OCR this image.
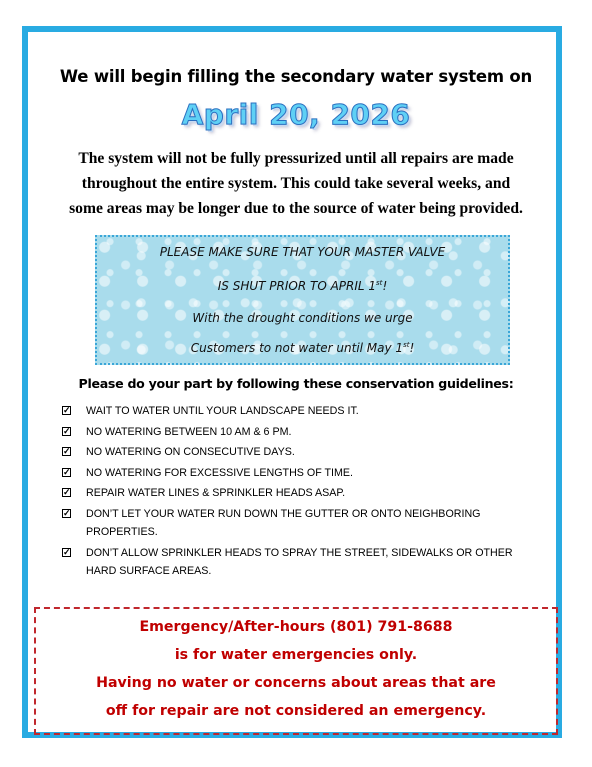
We will begin filling the secondary water system on
April 20, 2026

The system will not be fully pressurized until all repairs are made

throughout the entire system. This could take several weeks, and

some areas may be longer due to the source of water being provided.

PLEASE MAKE SURE THAT YOUR MASTER VALVE
IS SHUT PRIOR TO APRIL 1st!
With the drought conditions we urge
Customers to not water until May 1st!
Please do your part by following these conservation guidelines:
✓ WAIT TO WATER UNTIL YOUR LANDSCAPE NEEDS IT.
✓ NO WATERING BETWEEN 10 AM & 6 PM.
✓ NO WATERING ON CONSECUTIVE DAYS.
✓ NO WATERING FOR EXCESSIVE LENGTHS OF TIME.
✓ REPAIR WATER LINES & SPRINKLER HEADS ASAP.
✓ DON’T LET YOUR WATER RUN DOWN THE GUTTER OR ONTO NEIGHBORING PROPERTIES.
✓ DON’T ALLOW SPRINKLER HEADS TO SPRAY THE STREET, SIDEWALKS OR OTHER HARD SURFACE AREAS.
Emergency/After-hours (801) 791-8688
is for water emergencies only.
Having no water or concerns about areas that are
off for repair are not considered an emergency.
